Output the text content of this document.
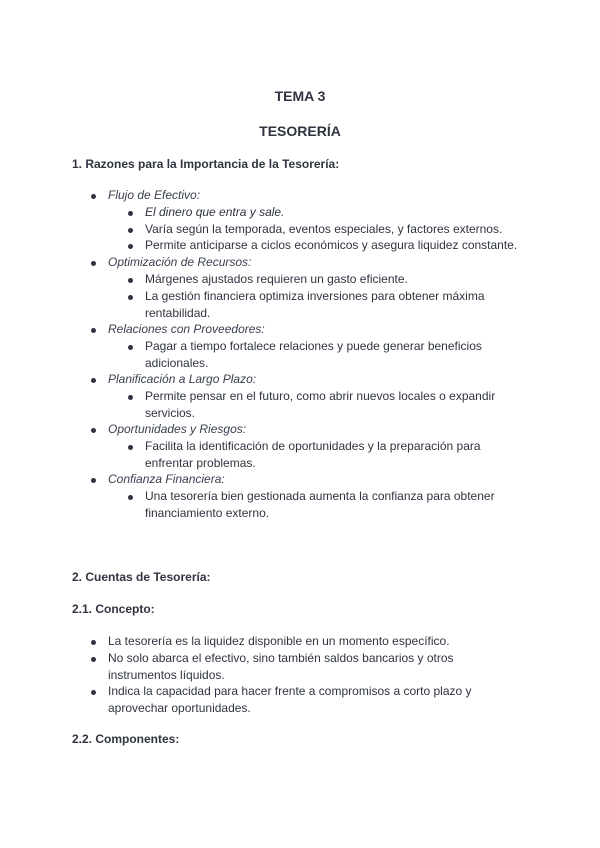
TEMA 3
TESORERÍA
1. Razones para la Importancia de la Tesorería:
Flujo de Efectivo:
El dinero que entra y sale.
Varía según la temporada, eventos especiales, y factores externos.
Permite anticiparse a ciclos económicos y asegura liquidez constante.
Optimización de Recursos:
Márgenes ajustados requieren un gasto eficiente.
La gestión financiera optimiza inversiones para obtener máxima
rentabilidad.
Relaciones con Proveedores:
Pagar a tiempo fortalece relaciones y puede generar beneficios
adicionales.
Planificación a Largo Plazo:
Permite pensar en el futuro, como abrir nuevos locales o expandir
servicios.
Oportunidades y Riesgos:
Facilita la identificación de oportunidades y la preparación para
enfrentar problemas.
Confianza Financiera:
Una tesorería bien gestionada aumenta la confianza para obtener
financiamiento externo.
2. Cuentas de Tesorería:
2.1. Concepto:
La tesorería es la liquidez disponible en un momento específico.
No solo abarca el efectivo, sino también saldos bancarios y otros
instrumentos líquidos.
Indica la capacidad para hacer frente a compromisos a corto plazo y
aprovechar oportunidades.
2.2. Componentes:
